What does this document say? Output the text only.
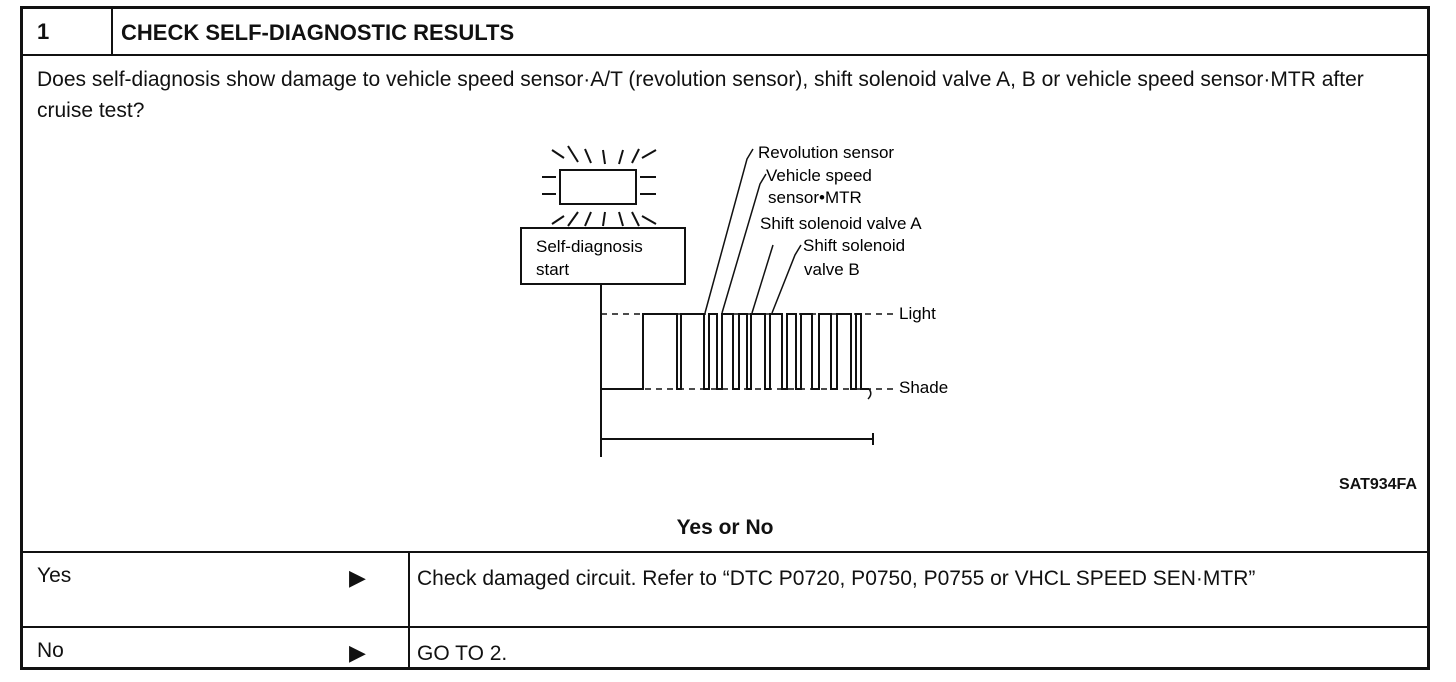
1	CHECK SELF-DIAGNOSTIC RESULTS
Does self-diagnosis show damage to vehicle speed sensor·A/T (revolution sensor), shift solenoid valve A, B or vehicle speed sensor·MTR after cruise test?
Self-diagnosis
start
Revolution sensor
Vehicle speed
sensor•MTR
Shift solenoid valve A
Shift solenoid
valve B
Light
Shade
SAT934FA
Yes or No
Yes	▶ Check damaged circuit. Refer to “DTC P0720, P0750, P0755 or VHCL SPEED SEN·MTR”
No	▶ GO TO 2.
